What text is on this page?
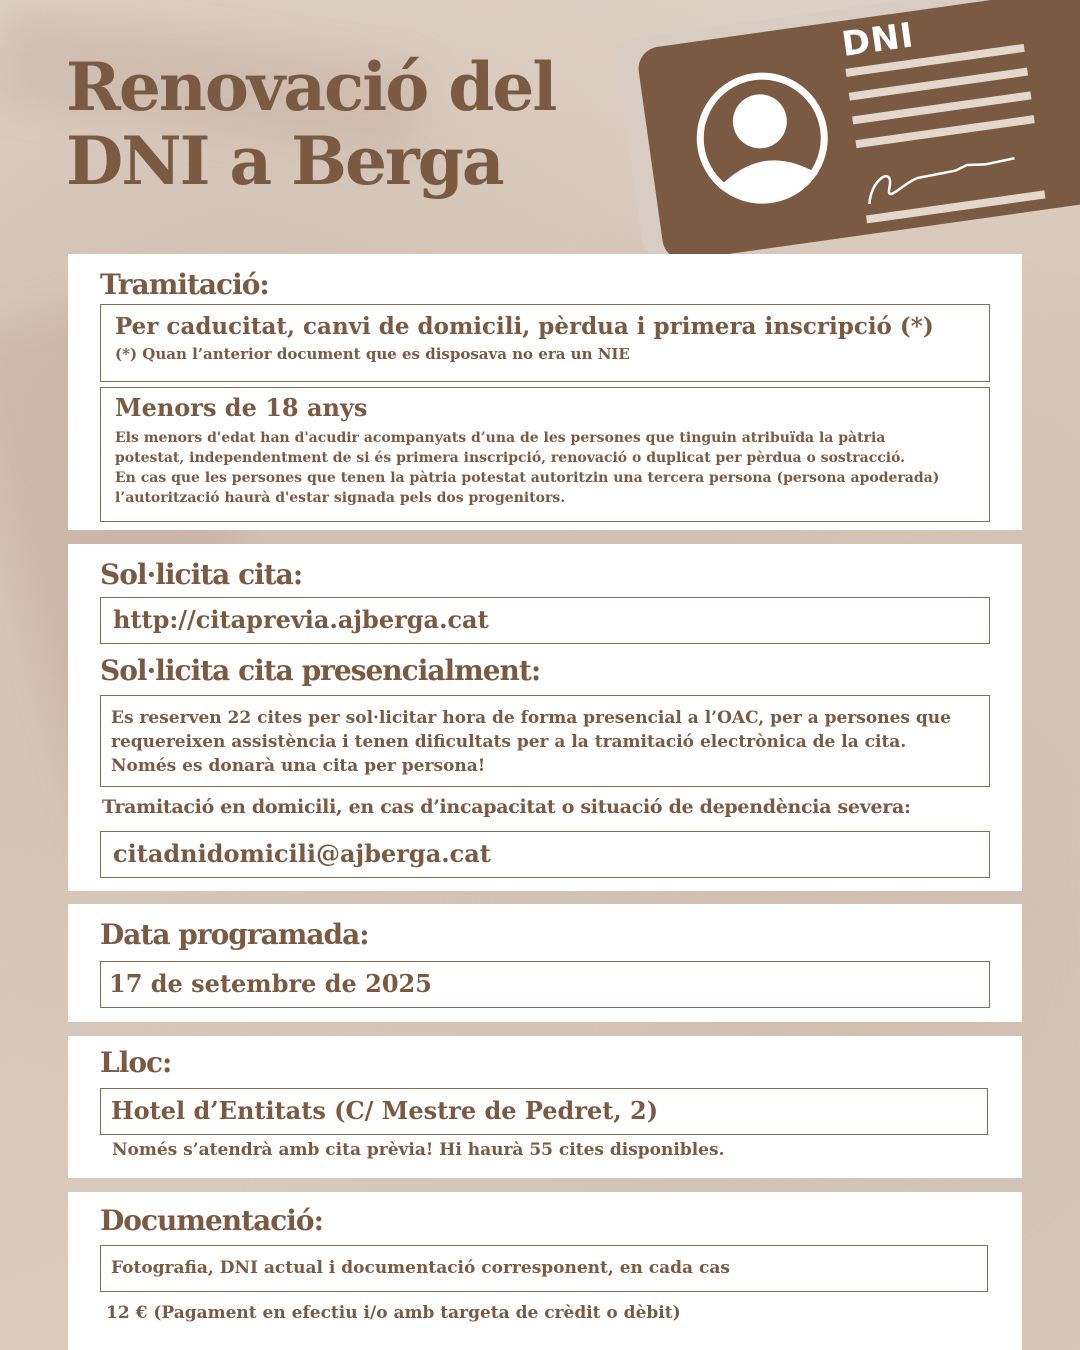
Renovació del
DNI a Berga
DNI
Tramitació:
Per caducitat, canvi de domicili, pèrdua i primera inscripció (*)
(*) Quan l’anterior document que es disposava no era un NIE
Menors de 18 anys
Els menors d'edat han d'acudir acompanyats d’una de les persones que tinguin atribuïda la pàtria
potestat, independentment de si és primera inscripció, renovació o duplicat per pèrdua o sostracció.
En cas que les persones que tenen la pàtria potestat autoritzin una tercera persona (persona apoderada)
l’autorització haurà d'estar signada pels dos progenitors.
Sol·licita cita:
http://citaprevia.ajberga.cat
Sol·licita cita presencialment:
Es reserven 22 cites per sol·licitar hora de forma presencial a l’OAC, per a persones que
requereixen assistència i tenen dificultats per a la tramitació electrònica de la cita.
Només es donarà una cita per persona!
Tramitació en domicili, en cas d’incapacitat o situació de dependència severa:
citadnidomicili@ajberga.cat
Data programada:
17 de setembre de 2025
Lloc:
Hotel d’Entitats (C/ Mestre de Pedret, 2)
Només s’atendrà amb cita prèvia! Hi haurà 55 cites disponibles.
Documentació:
Fotografia, DNI actual i documentació corresponent, en cada cas
12 € (Pagament en efectiu i/o amb targeta de crèdit o dèbit)
